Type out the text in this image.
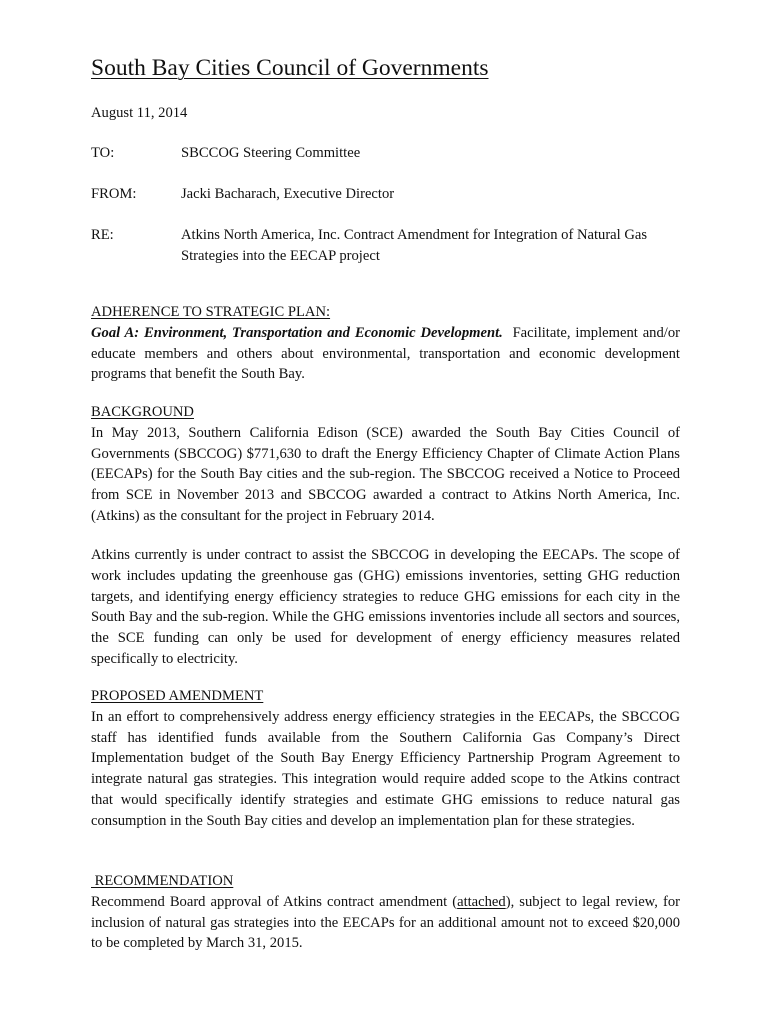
South Bay Cities Council of Governments
August 11, 2014
TO:	SBCCOG Steering Committee
FROM:	Jacki Bacharach, Executive Director
RE:	Atkins North America, Inc. Contract Amendment for Integration of Natural Gas Strategies into the EECAP project
ADHERENCE TO STRATEGIC PLAN:

Goal A: Environment, Transportation and Economic Development. Facilitate, implement and/or educate members and others about environmental, transportation and economic development programs that benefit the South Bay.

BACKGROUND

In May 2013, Southern California Edison (SCE) awarded the South Bay Cities Council of Governments (SBCCOG) $771,630 to draft the Energy Efficiency Chapter of Climate Action Plans (EECAPs) for the South Bay cities and the sub-region. The SBCCOG received a Notice to Proceed from SCE in November 2013 and SBCCOG awarded a contract to Atkins North America, Inc. (Atkins) as the consultant for the project in February 2014.

Atkins currently is under contract to assist the SBCCOG in developing the EECAPs. The scope of work includes updating the greenhouse gas (GHG) emissions inventories, setting GHG reduction targets, and identifying energy efficiency strategies to reduce GHG emissions for each city in the South Bay and the sub-region. While the GHG emissions inventories include all sectors and sources, the SCE funding can only be used for development of energy efficiency measures related specifically to electricity.

PROPOSED AMENDMENT

In an effort to comprehensively address energy efficiency strategies in the EECAPs, the SBCCOG staff has identified funds available from the Southern California Gas Company’s Direct Implementation budget of the South Bay Energy Efficiency Partnership Program Agreement to integrate natural gas strategies. This integration would require added scope to the Atkins contract that would specifically identify strategies and estimate GHG emissions to reduce natural gas consumption in the South Bay cities and develop an implementation plan for these strategies.

RECOMMENDATION

Recommend Board approval of Atkins contract amendment (attached), subject to legal review, for inclusion of natural gas strategies into the EECAPs for an additional amount not to exceed $20,000 to be completed by March 31, 2015.
